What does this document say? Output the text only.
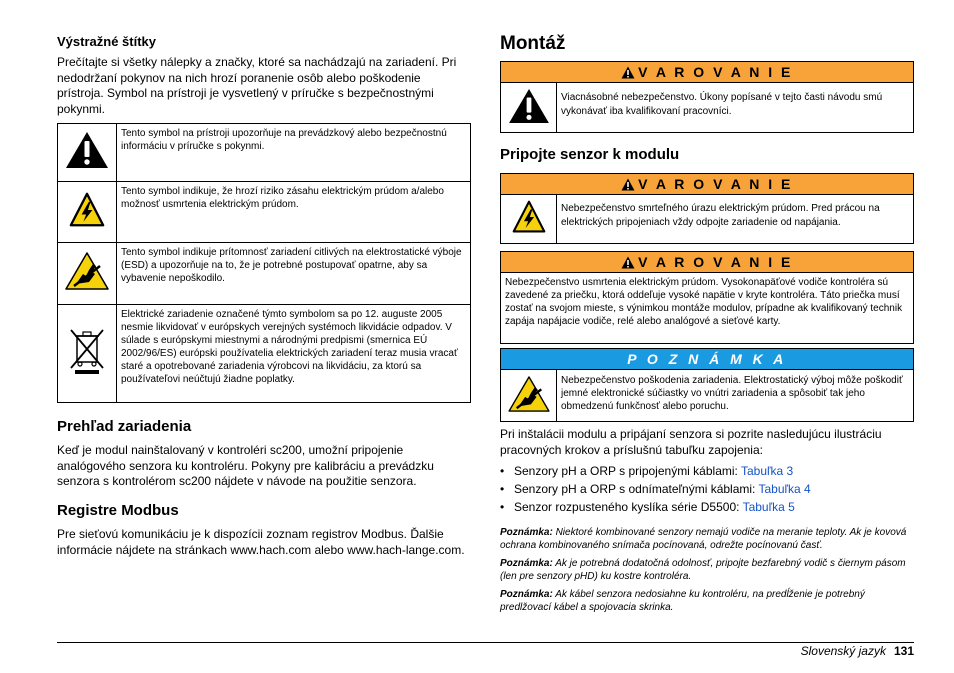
Výstražné štítky

Prečítajte si všetky nálepky a značky, ktoré sa nachádzajú na zariadení. Pri nedodržaní pokynov na nich hrozí poranenie osôb alebo poškodenie prístroja. Symbol na prístroji je vysvetlený v príručke s bezpečnostnými pokynmi.

	Tento symbol na prístroji upozorňuje na prevádzkový alebo bezpečnostnú informáciu v príručke s pokynmi.
	Tento symbol indikuje, že hrozí riziko zásahu elektrickým prúdom a/alebo možnosť usmrtenia elektrickým prúdom.
	Tento symbol indikuje prítomnosť zariadení citlivých na elektrostatické výboje (ESD) a upozorňuje na to, že je potrebné postupovať opatrne, aby sa vybavenie nepoškodilo.
	Elektrické zariadenie označené týmto symbolom sa po 12. auguste 2005 nesmie likvidovať v európskych verejných systémoch likvidácie odpadov. V súlade s európskymi miestnymi a národnými predpismi (smernica EÚ 2002/96/ES) európski používatelia elektrických zariadení teraz musia vracať staré a opotrebované zariadenia výrobcovi na likvidáciu, za ktorú sa používateľovi neúčtujú žiadne poplatky.
Prehľad zariadenia

Keď je modul nainštalovaný v kontroléri sc200, umožní pripojenie analógového senzora ku kontroléru. Pokyny pre kalibráciu a prevádzku senzora s kontrolérom sc200 nájdete v návode na použitie senzora.

Registre Modbus

Pre sieťovú komunikáciu je k dispozícii zoznam registrov Modbus. Ďalšie informácie nájdete na stránkach www.hach.com alebo www.hach-lange.com.

Montáž
V A R O V A N I E
Viacnásobné nebezpečenstvo. Úkony popísané v tejto časti návodu smú vykonávať iba kvalifikovaní pracovníci.
Pripojte senzor k modulu
V A R O V A N I E
Nebezpečenstvo smrteľného úrazu elektrickým prúdom. Pred prácou na elektrických pripojeniach vždy odpojte zariadenie od napájania.
V A R O V A N I E
Nebezpečenstvo usmrtenia elektrickým prúdom. Vysokonapäťové vodiče kontroléra sú zavedené za priečku, ktorá oddeľuje vysoké napätie v kryte kontroléra. Táto priečka musí zostať na svojom mieste, s výnimkou montáže modulov, prípadne ak kvalifikovaný technik zapája napájacie vodiče, relé alebo analógové a sieťové karty.
P O Z N Á M K A
Nebezpečenstvo poškodenia zariadenia. Elektrostatický výboj môže poškodiť jemné elektronické súčiastky vo vnútri zariadenia a spôsobiť tak jeho obmedzenú funkčnosť alebo poruchu.

Pri inštalácii modulu a pripájaní senzora si pozrite nasledujúcu ilustráciu pracovných krokov a príslušnú tabuľku zapojenia:

• Senzory pH a ORP s pripojenými káblami: Tabuľka 3
• Senzory pH a ORP s odnímateľnými káblami: Tabuľka 4
• Senzor rozpusteného kyslíka série D5500: Tabuľka 5

Poznámka: Niektoré kombinované senzory nemajú vodiče na meranie teploty. Ak je kovová ochrana kombinovaného snímača pocínovaná, odrežte pocínovanú časť.

Poznámka: Ak je potrebná dodatočná odolnosť, pripojte bezfarebný vodič s čiernym pásom (len pre senzory pHD) ku kostre kontroléra.

Poznámka: Ak kábel senzora nedosiahne ku kontroléru, na predĺženie je potrebný predlžovací kábel a spojovacia skrinka.

Slovenský jazyk 131
